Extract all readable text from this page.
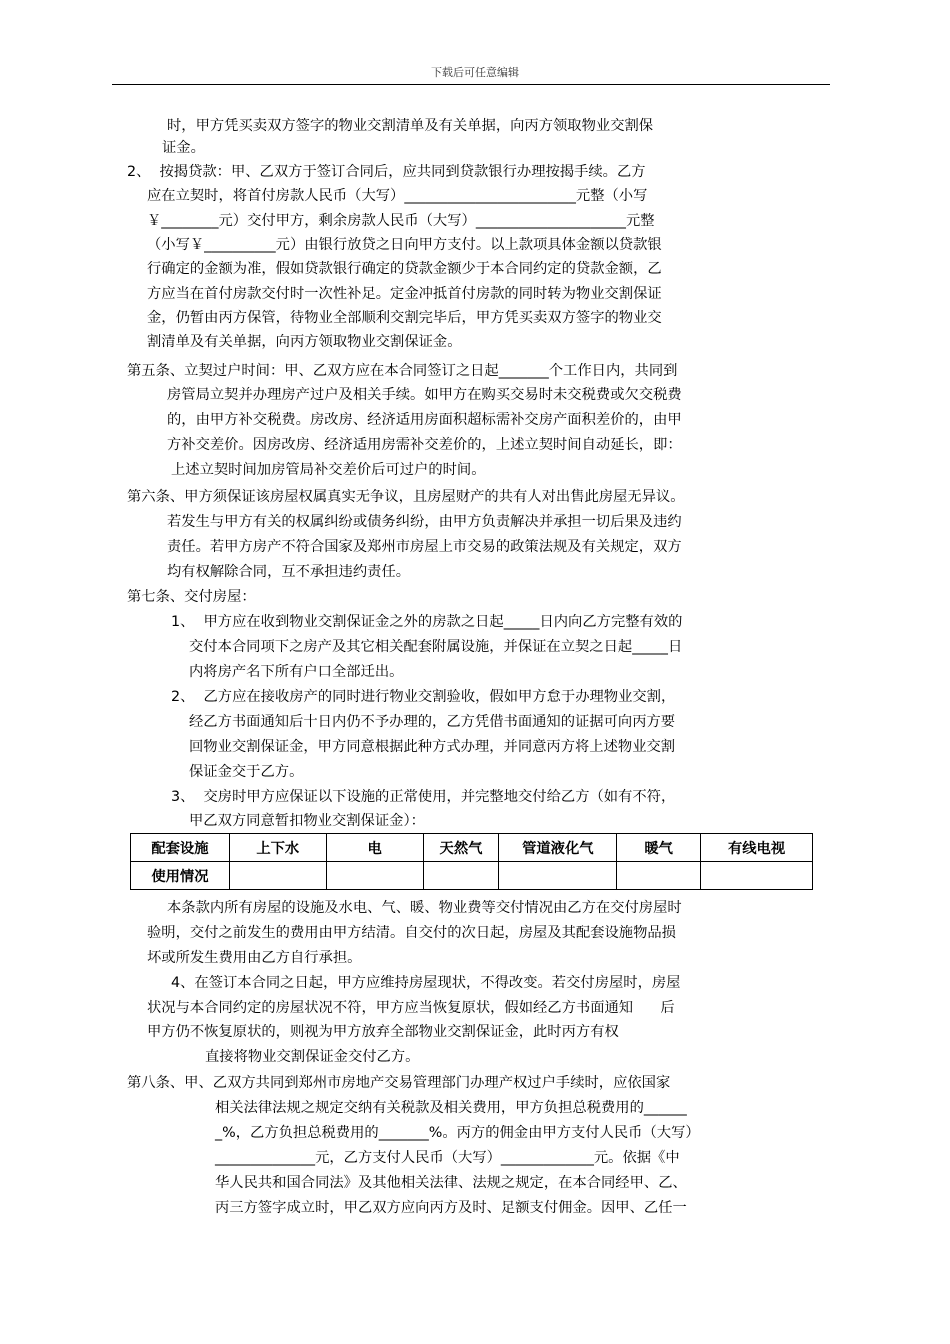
下载后可任意编辑
时，甲方凭买卖双方签字的物业交割清单及有关单据，向丙方领取物业交割保
证金。
2、  按揭贷款：甲、乙双方于签订合同后，应共同到贷款银行办理按揭手续。乙方
应在立契时，将首付房款人民币（大写）________________________元整（小写
￥________元）交付甲方，剩余房款人民币（大写）_____________________元整
（小写￥__________元）由银行放贷之日向甲方支付。以上款项具体金额以贷款银
行确定的金额为准，假如贷款银行确定的贷款金额少于本合同约定的贷款金额，乙
方应当在首付房款交付时一次性补足。定金冲抵首付房款的同时转为物业交割保证
金，仍暂由丙方保管，待物业全部顺利交割完毕后，甲方凭买卖双方签字的物业交
割清单及有关单据，向丙方领取物业交割保证金。
第五条、立契过户时间：甲、乙双方应在本合同签订之日起_______个工作日内，共同到
房管局立契并办理房产过户及相关手续。如甲方在购买交易时未交税费或欠交税费
的，由甲方补交税费。房改房、经济适用房面积超标需补交房产面积差价的，由甲
方补交差价。因房改房、经济适用房需补交差价的，上述立契时间自动延长，即：
上述立契时间加房管局补交差价后可过户的时间。
第六条、甲方须保证该房屋权属真实无争议，且房屋财产的共有人对出售此房屋无异议。
若发生与甲方有关的权属纠纷或债务纠纷，由甲方负责解决并承担一切后果及违约
责任。若甲方房产不符合国家及郑州市房屋上市交易的政策法规及有关规定，双方
均有权解除合同，互不承担违约责任。
第七条、交付房屋：
1、  甲方应在收到物业交割保证金之外的房款之日起_____日内向乙方完整有效的
交付本合同项下之房产及其它相关配套附属设施，并保证在立契之日起_____日
内将房产名下所有户口全部迁出。
2、  乙方应在接收房产的同时进行物业交割验收，假如甲方怠于办理物业交割，
经乙方书面通知后十日内仍不予办理的，乙方凭借书面通知的证据可向丙方要
回物业交割保证金，甲方同意根据此种方式办理，并同意丙方将上述物业交割
保证金交于乙方。
3、  交房时甲方应保证以下设施的正常使用，并完整地交付给乙方（如有不符，
甲乙双方同意暂扣物业交割保证金）：
本条款内所有房屋的设施及水电、气、暖、物业费等交付情况由乙方在交付房屋时
验明，交付之前发生的费用由甲方结清。自交付的次日起，房屋及其配套设施物品损
坏或所发生费用由乙方自行承担。
4、在签订本合同之日起，甲方应维持房屋现状，不得改变。若交付房屋时，房屋
状况与本合同约定的房屋状况不符，甲方应当恢复原状，假如经乙方书面通知      后
甲方仍不恢复原状的，则视为甲方放弃全部物业交割保证金，此时丙方有权
直接将物业交割保证金交付乙方。
第八条、甲、乙双方共同到郑州市房地产交易管理部门办理产权过户手续时，应依国家
相关法律法规之规定交纳有关税款及相关费用，甲方负担总税费用的______
_%，乙方负担总税费用的_______%。丙方的佣金由甲方支付人民币（大写）
______________元，乙方支付人民币（大写）_____________元。依据《中
华人民共和国合同法》及其他相关法律、法规之规定，在本合同经甲、乙、
丙三方签字成立时，甲乙双方应向丙方及时、足额支付佣金。因甲、乙任一
配套设施	上下水	电	天然气	管道液化气	暖气	有线电视
使用情况						
